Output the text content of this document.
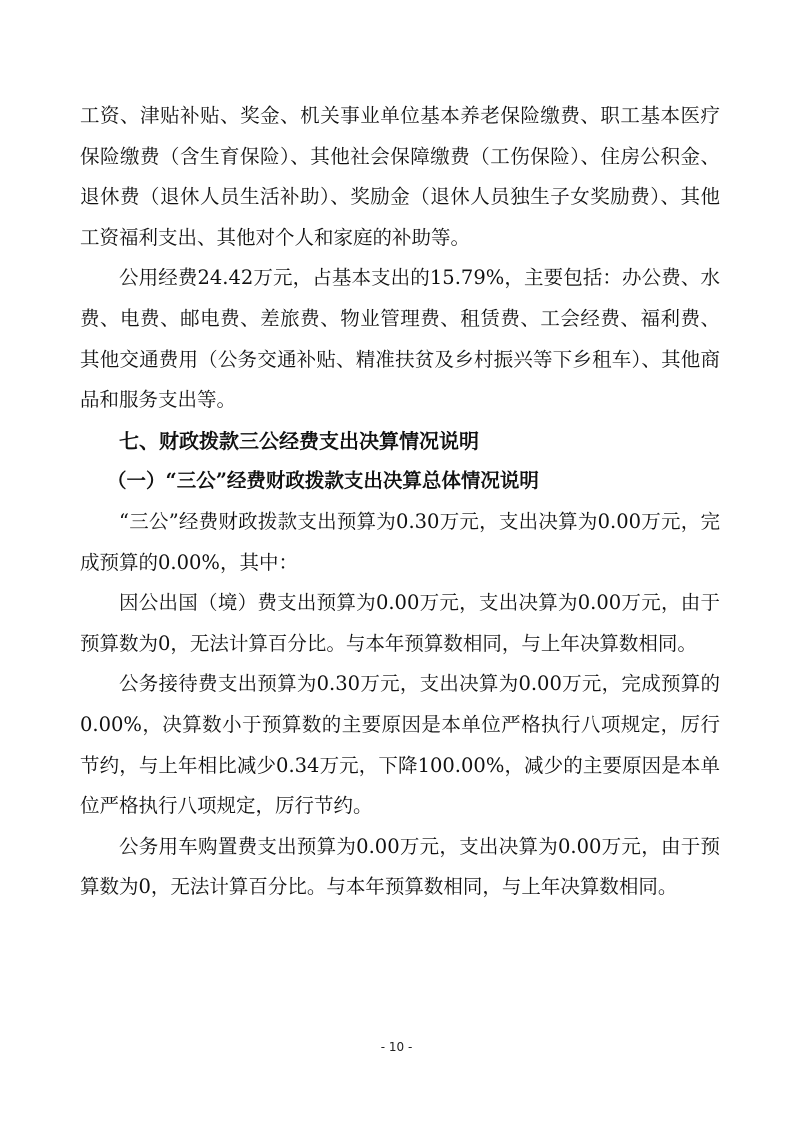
工资、津贴补贴、奖金、机关事业单位基本养老保险缴费、职工基本医疗保险缴费（含生育保险）、其他社会保障缴费（工伤保险）、住房公积金、退休费（退休人员生活补助）、奖励金（退休人员独生子女奖励费）、其他工资福利支出、其他对个人和家庭的补助等。

公用经费24.42万元，占基本支出的15.79%，主要包括：办公费、水费、电费、邮电费、差旅费、物业管理费、租赁费、工会经费、福利费、其他交通费用（公务交通补贴、精准扶贫及乡村振兴等下乡租车）、其他商品和服务支出等。

七、财政拨款三公经费支出决算情况说明
（一）“三公”经费财政拨款支出决算总体情况说明

“三公”经费财政拨款支出预算为0.30万元，支出决算为0.00万元，完成预算的0.00%，其中：

因公出国（境）费支出预算为0.00万元，支出决算为0.00万元，由于预算数为0，无法计算百分比。与本年预算数相同，与上年决算数相同。

公务接待费支出预算为0.30万元，支出决算为0.00万元，完成预算的0.00%，决算数小于预算数的主要原因是本单位严格执行八项规定，厉行节约，与上年相比减少0.34万元，下降100.00%，减少的主要原因是本单位严格执行八项规定，厉行节约。

公务用车购置费支出预算为0.00万元，支出决算为0.00万元，由于预算数为0，无法计算百分比。与本年预算数相同，与上年决算数相同。

- 10 -
